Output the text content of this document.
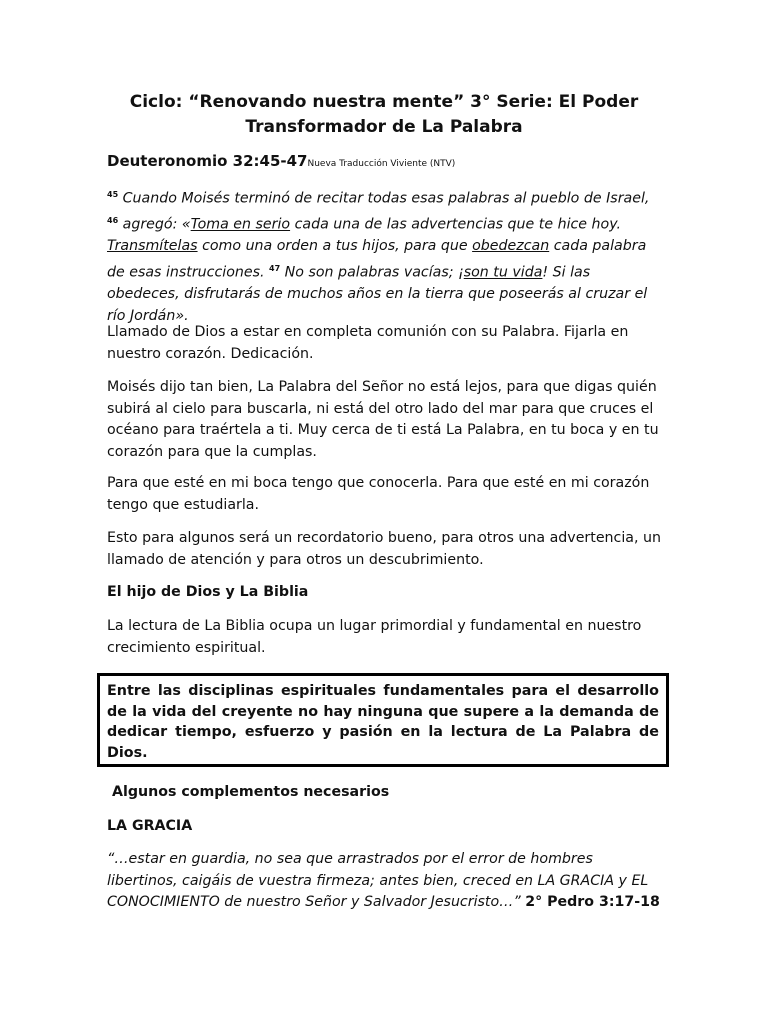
Ciclo: “Renovando nuestra mente” 3° Serie: El Poder
Transformador de La Palabra
Deuteronomio 32:45-47Nueva Traducción Viviente (NTV)

$^{45}$ Cuando Moisés terminó de recitar todas esas palabras al pueblo de Israel, $^{46}$ agregó: «Toma en serio cada una de las advertencias que te hice hoy. Transmítelas como una orden a tus hijos, para que obedezcan cada palabra de esas instrucciones. $^{47}$ No son palabras vacías; ¡son tu vida! Si las obedeces, disfrutarás de muchos años en la tierra que poseerás al cruzar el río Jordán».

Llamado de Dios a estar en completa comunión con su Palabra. Fijarla en nuestro corazón. Dedicación.

Moisés dijo tan bien, La Palabra del Señor no está lejos, para que digas quién subirá al cielo para buscarla, ni está del otro lado del mar para que cruces el océano para traértela a ti. Muy cerca de ti está La Palabra, en tu boca y en tu corazón para que la cumplas.

Para que esté en mi boca tengo que conocerla. Para que esté en mi corazón tengo que estudiarla.

Esto para algunos será un recordatorio bueno, para otros una advertencia, un llamado de atención y para otros un descubrimiento.

El hijo de Dios y La Biblia

La lectura de La Biblia ocupa un lugar primordial y fundamental en nuestro crecimiento espiritual.

Entre las disciplinas espirituales fundamentales para el desarrollo de la vida del creyente no hay ninguna que supere a la demanda de dedicar tiempo, esfuerzo y pasión en la lectura de La Palabra de Dios.

Algunos complementos necesarios

LA GRACIA

“…estar en guardia, no sea que arrastrados por el error de hombres libertinos, caigáis de vuestra firmeza; antes bien, creced en LA GRACIA y EL CONOCIMIENTO de nuestro Señor y Salvador Jesucristo…” 2° Pedro 3:17-18
